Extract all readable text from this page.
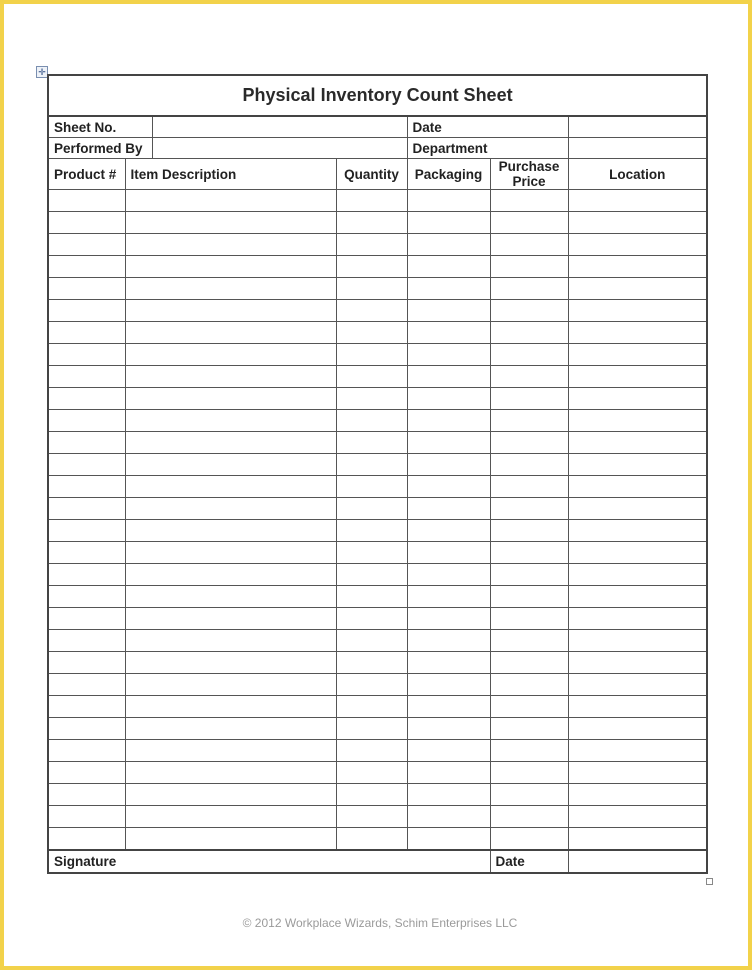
✛
Physical Inventory Count Sheet						
Sheet No.				Date		
Performed By				Department		
Product #	Item Description		Quantity	Packaging	Purchase Price	Location

Signature					Date	
© 2012 Workplace Wizards, Schim Enterprises LLC
